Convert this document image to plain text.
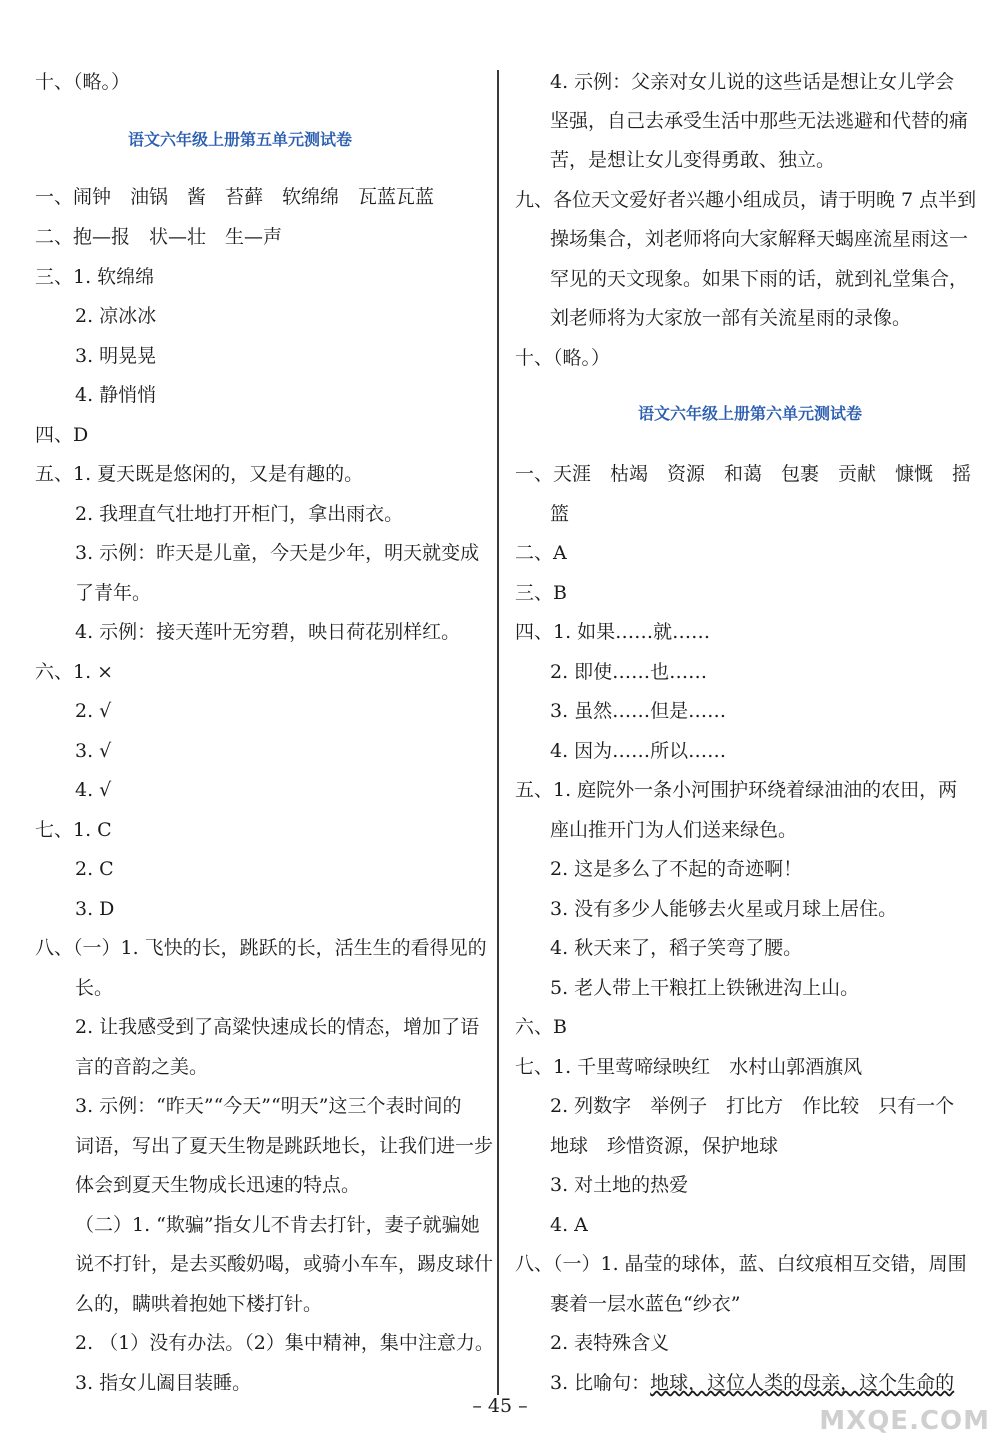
十、（略。）
语文六年级上册第五单元测试卷
一、闹钟　油锅　酱　苔藓　软绵绵　瓦蓝瓦蓝
二、抱—报　状—壮　生—声
三、1. 软绵绵
2. 凉冰冰
3. 明晃晃
4. 静悄悄
四、D
五、1. 夏天既是悠闲的，又是有趣的。
2. 我理直气壮地打开柜门，拿出雨衣。
3. 示例：昨天是儿童，今天是少年，明天就变成
了青年。
4. 示例：接天莲叶无穷碧，映日荷花别样红。
六、1. ×
2. √
3. √
4. √
七、1. C
2. C
3. D
八、（一）1. 飞快的长，跳跃的长，活生生的看得见的
长。
2. 让我感受到了高粱快速成长的情态，增加了语
言的音韵之美。
3. 示例：“昨天”“今天”“明天”这三个表时间的
词语，写出了夏天生物是跳跃地长，让我们进一步
体会到夏天生物成长迅速的特点。
（二）1. “欺骗”指女儿不肯去打针，妻子就骗她
说不打针，是去买酸奶喝，或骑小车车，踢皮球什
么的，瞒哄着抱她下楼打针。
2. （1）没有办法。（2）集中精神，集中注意力。
3. 指女儿阖目装睡。
4. 示例：父亲对女儿说的这些话是想让女儿学会
坚强，自己去承受生活中那些无法逃避和代替的痛
苦，是想让女儿变得勇敢、独立。
九、各位天文爱好者兴趣小组成员，请于明晚 7 点半到
操场集合，刘老师将向大家解释天蝎座流星雨这一
罕见的天文现象。如果下雨的话，就到礼堂集合，
刘老师将为大家放一部有关流星雨的录像。
十、（略。）
语文六年级上册第六单元测试卷
一、天涯　枯竭　资源　和蔼　包裹　贡献　慷慨　摇
篮
二、A
三、B
四、1. 如果……就……
2. 即使……也……
3. 虽然……但是……
4. 因为……所以……
五、1. 庭院外一条小河围护环绕着绿油油的农田，两
座山推开门为人们送来绿色。
2. 这是多么了不起的奇迹啊！
3. 没有多少人能够去火星或月球上居住。
4. 秋天来了，稻子笑弯了腰。
5. 老人带上干粮扛上铁锹进沟上山。
六、B
七、1. 千里莺啼绿映红　水村山郭酒旗风
2. 列数字　举例子　打比方　作比较　只有一个
地球　珍惜资源，保护地球
3. 对土地的热爱
4. A
八、（一）1. 晶莹的球体，蓝、白纹痕相互交错，周围
裹着一层水蓝色“纱衣”
2. 表特殊含义
3. 比喻句：地球，这位人类的母亲，这个生命的
– 45 –	MXQE.COM
